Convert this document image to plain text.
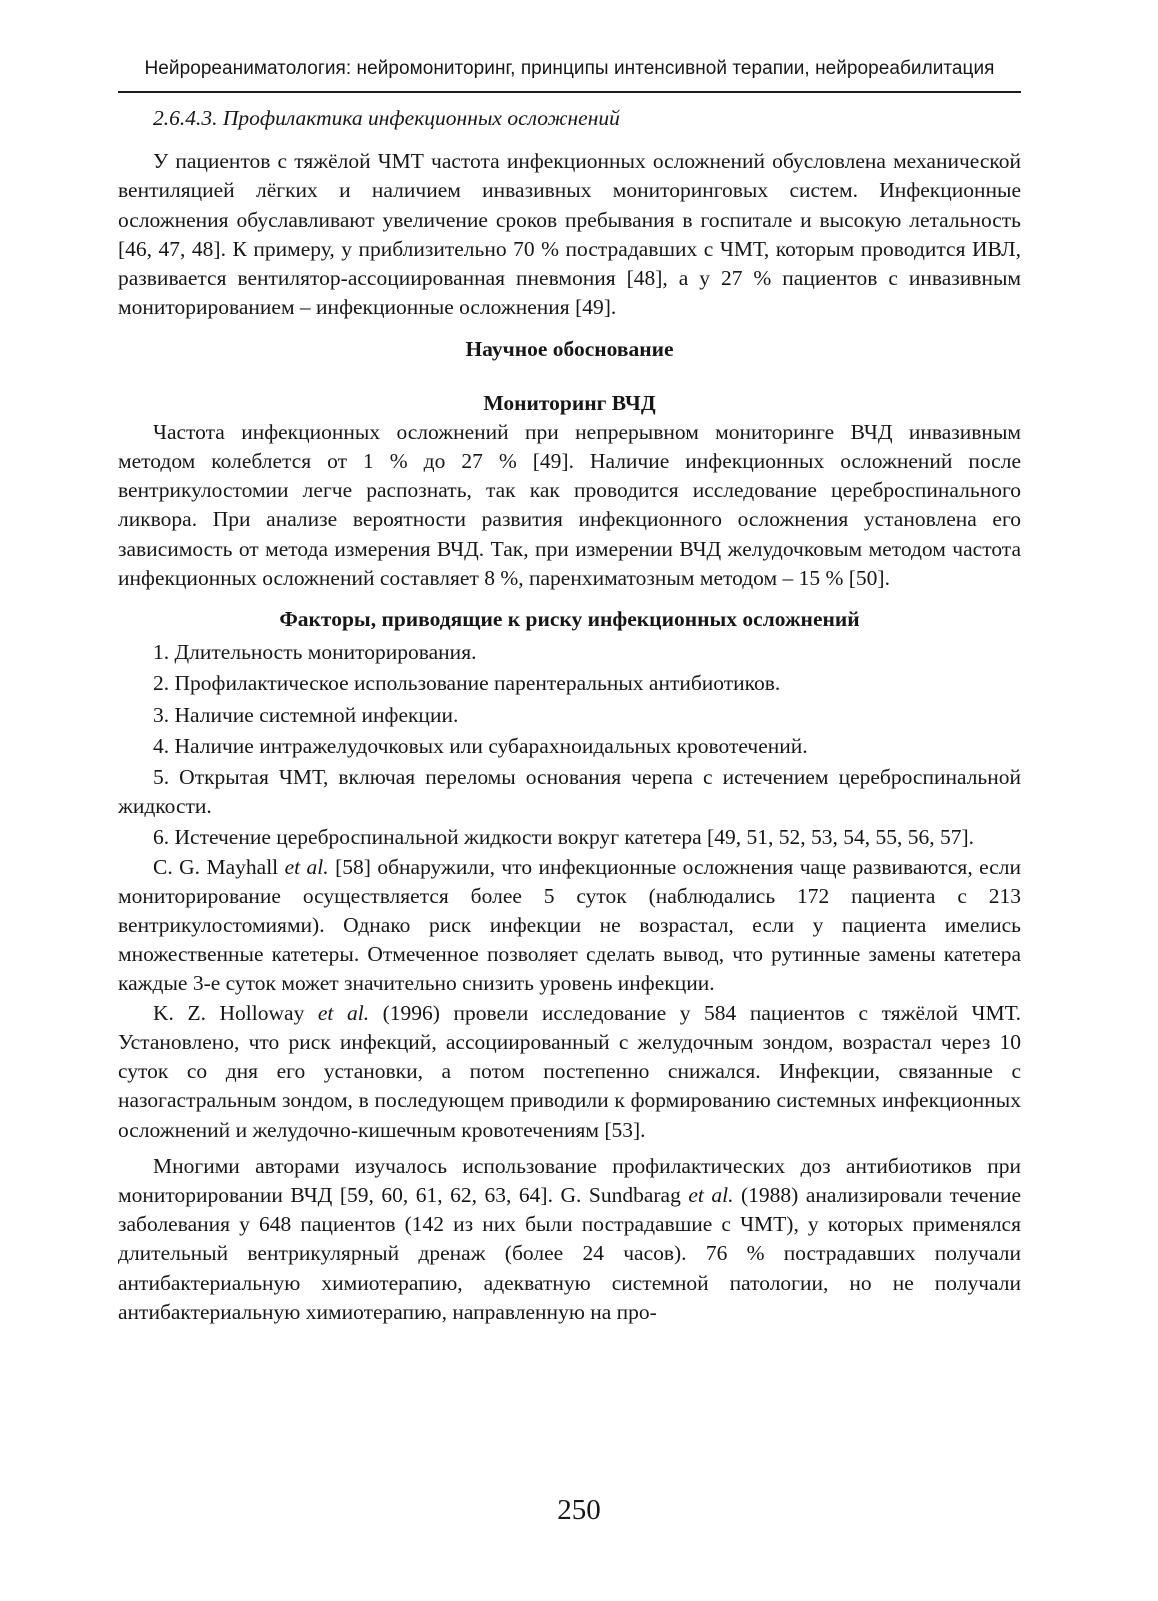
Нейрореаниматология: нейромониторинг, принципы интенсивной терапии, нейрореабилитация

2.6.4.3. Профилактика инфекционных осложнений

У пациентов с тяжёлой ЧМТ частота инфекционных осложнений обусловлена механической вентиляцией лёгких и наличием инвазивных мониторинговых систем. Инфекционные осложнения обуславливают увеличение сроков пребывания в госпитале и высокую летальность [46, 47, 48]. К примеру, у приблизительно 70 % пострадавших с ЧМТ, которым проводится ИВЛ, развивается вентилятор-ассоциированная пневмония [48], а у 27 % пациентов с инвазивным мониторированием – инфекционные осложнения [49].

Научное обоснование

Мониторинг ВЧД

Частота инфекционных осложнений при непрерывном мониторинге ВЧД инвазивным методом колеблется от 1 % до 27 % [49]. Наличие инфекционных осложнений после вентрикулостомии легче распознать, так как проводится исследование цереброспинального ликвора. При анализе вероятности развития инфекционного осложнения установлена его зависимость от метода измерения ВЧД. Так, при измерении ВЧД желудочковым методом частота инфекционных осложнений составляет 8 %, паренхиматозным методом – 15 % [50].

Факторы, приводящие к риску инфекционных осложнений

1. Длительность мониторирования.

2. Профилактическое использование парентеральных антибиотиков.

3. Наличие системной инфекции.

4. Наличие интражелудочковых или субарахноидальных кровотечений.

5. Открытая ЧМТ, включая переломы основания черепа с истечением цереброспинальной жидкости.

6. Истечение цереброспинальной жидкости вокруг катетера [49, 51, 52, 53, 54, 55, 56, 57].

C. G. Mayhall et al. [58] обнаружили, что инфекционные осложнения чаще развиваются, если мониторирование осуществляется более 5 суток (наблюдались 172 пациента с 213 вентрикулостомиями). Однако риск инфекции не возрастал, если у пациента имелись множественные катетеры. Отмеченное позволяет сделать вывод, что рутинные замены катетера каждые 3-е суток может значительно снизить уровень инфекции.

K. Z. Holloway et al. (1996) провели исследование у 584 пациентов с тяжёлой ЧМТ. Установлено, что риск инфекций, ассоциированный с желудочным зондом, возрастал через 10 суток со дня его установки, а потом постепенно снижался. Инфекции, связанные с назогастральным зондом, в последующем приводили к формированию системных инфекционных осложнений и желудочно-кишечным кровотечениям [53].

Многими авторами изучалось использование профилактических доз антибиотиков при мониторировании ВЧД [59, 60, 61, 62, 63, 64]. G. Sundbarag et al. (1988) анализировали течение заболевания у 648 пациентов (142 из них были пострадавшие с ЧМТ), у которых применялся длительный вентрикулярный дренаж (более 24 часов). 76 % пострадавших получали антибактериальную химиотерапию, адекватную системной патологии, но не получали антибактериальную химиотерапию, направленную на про-

250
